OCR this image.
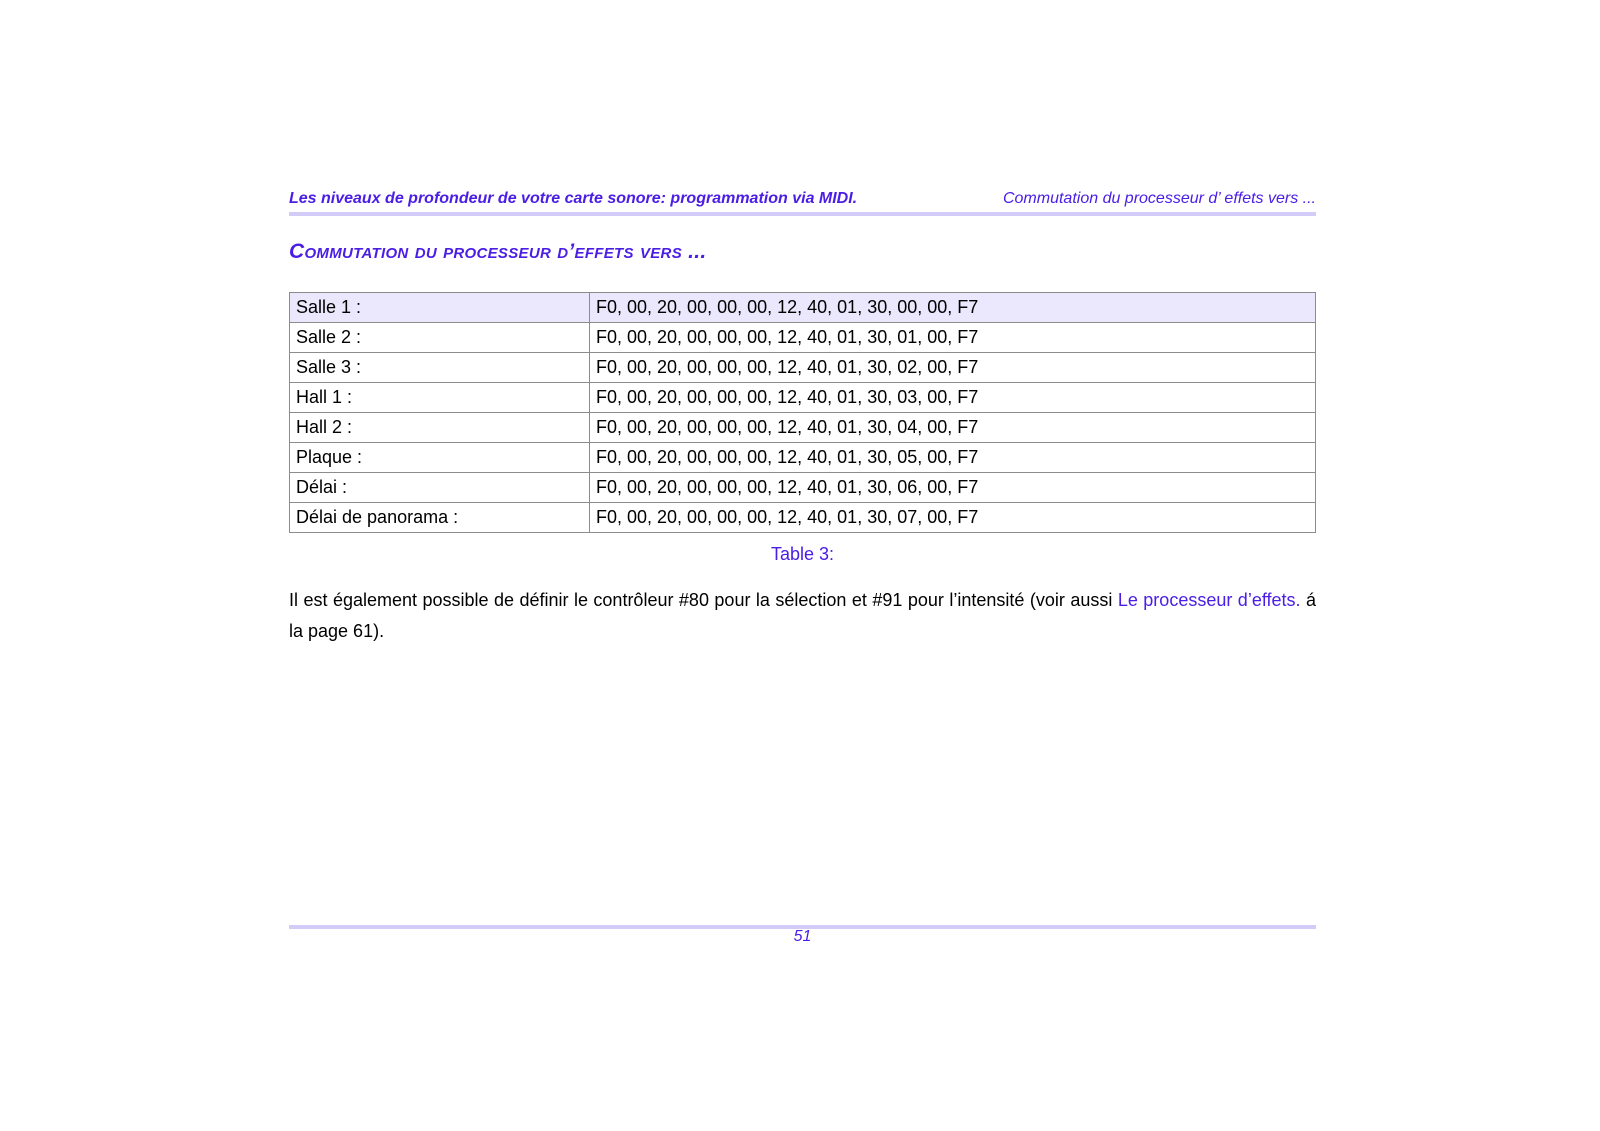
Les niveaux de profondeur de votre carte sonore: programmation via MIDI.	Commutation du processeur d’ effets vers ...
Commutation du processeur d’effets vers ...
Salle 1 :	F0, 00, 20, 00, 00, 00, 12, 40, 01, 30, 00, 00, F7
Salle 2 :	F0, 00, 20, 00, 00, 00, 12, 40, 01, 30, 01, 00, F7
Salle 3 :	F0, 00, 20, 00, 00, 00, 12, 40, 01, 30, 02, 00, F7
Hall 1 :	F0, 00, 20, 00, 00, 00, 12, 40, 01, 30, 03, 00, F7
Hall 2 :	F0, 00, 20, 00, 00, 00, 12, 40, 01, 30, 04, 00, F7
Plaque :	F0, 00, 20, 00, 00, 00, 12, 40, 01, 30, 05, 00, F7
Délai :	F0, 00, 20, 00, 00, 00, 12, 40, 01, 30, 06, 00, F7
Délai de panorama :	F0, 00, 20, 00, 00, 00, 12, 40, 01, 30, 07, 00, F7
Table 3:

Il est également possible de définir le contrôleur #80 pour la sélection et #91 pour l’intensité (voir aussi Le processeur d’effets. á la page 61).

51
